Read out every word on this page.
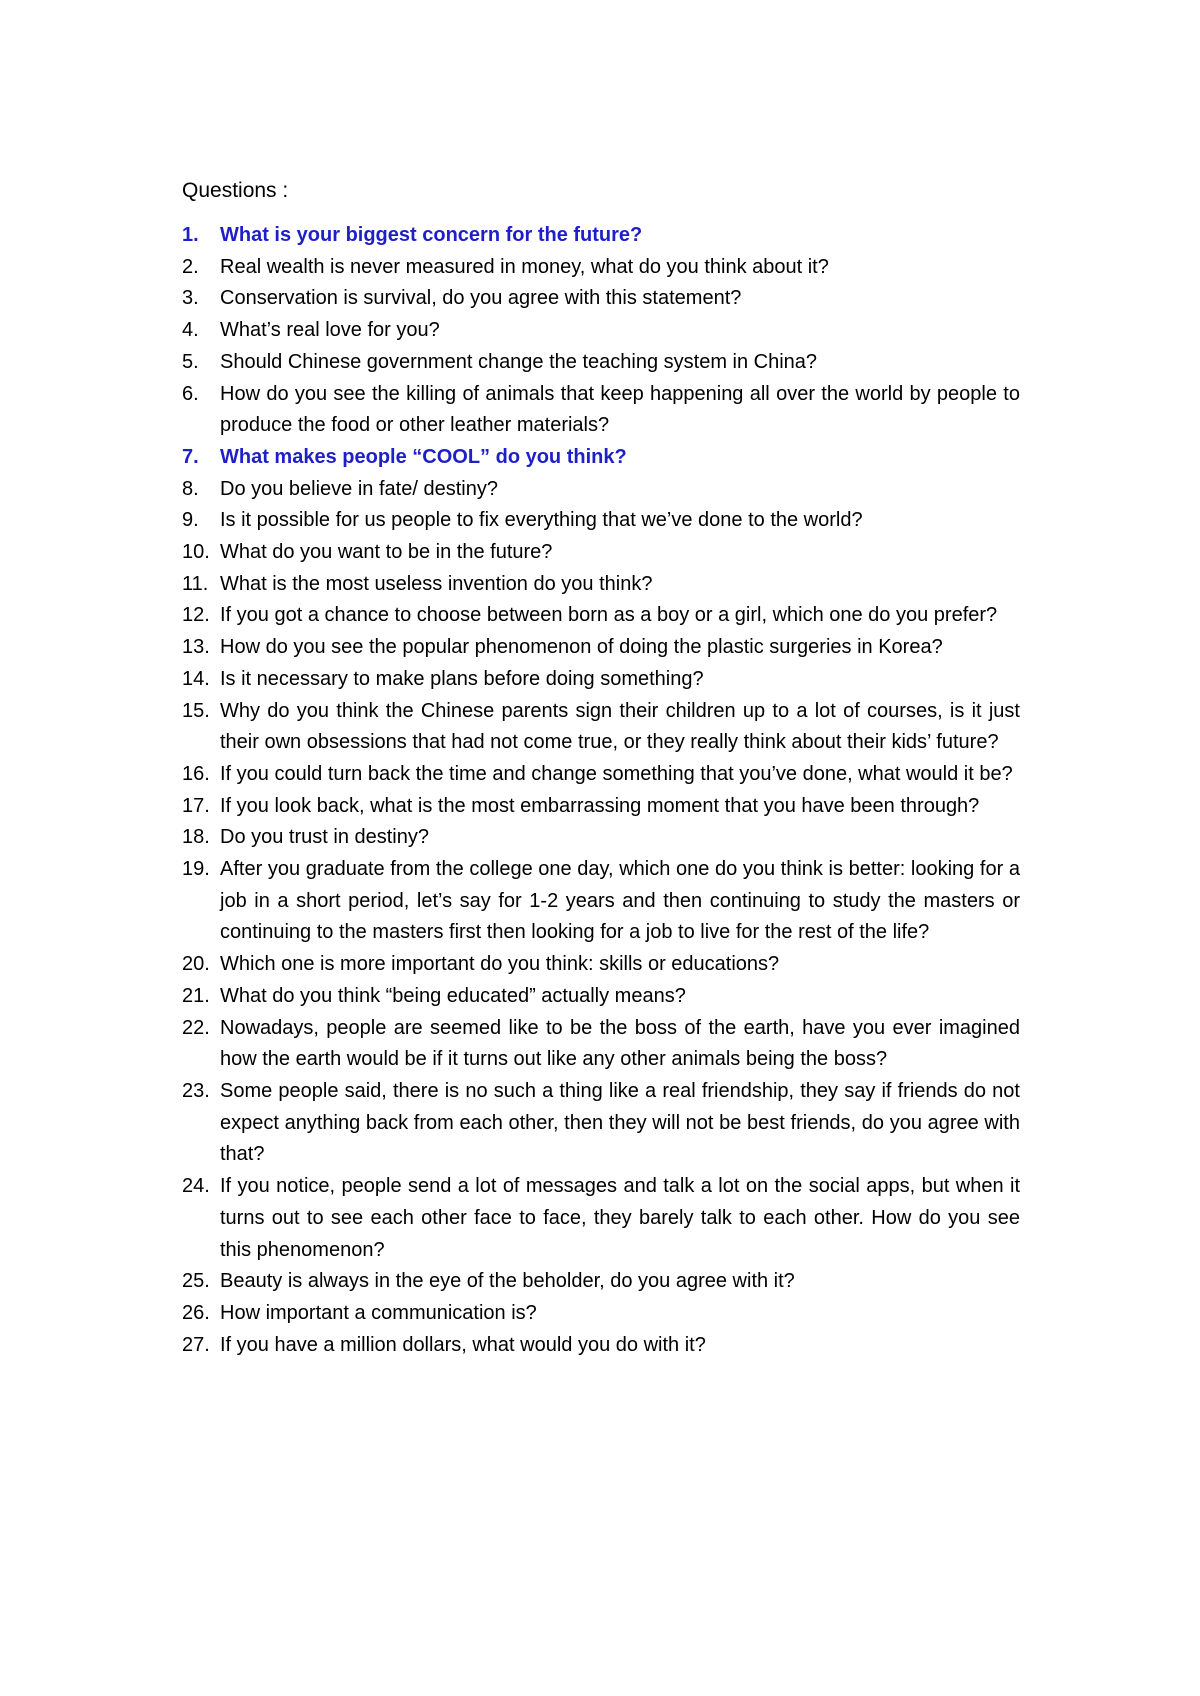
Questions :
1. What is your biggest concern for the future?
2. Real wealth is never measured in money, what do you think about it?
3. Conservation is survival, do you agree with this statement?
4. What’s real love for you?
5. Should Chinese government change the teaching system in China?
6. How do you see the killing of animals that keep happening all over the world by people to produce the food or other leather materials?
7. What makes people “COOL” do you think?
8. Do you believe in fate/ destiny?
9. Is it possible for us people to fix everything that we’ve done to the world?
10. What do you want to be in the future?
11. What is the most useless invention do you think?
12. If you got a chance to choose between born as a boy or a girl, which one do you prefer?
13. How do you see the popular phenomenon of doing the plastic surgeries in Korea?
14. Is it necessary to make plans before doing something?
15. Why do you think the Chinese parents sign their children up to a lot of courses, is it just their own obsessions that had not come true, or they really think about their kids’ future?
16. If you could turn back the time and change something that you’ve done, what would it be?
17. If you look back, what is the most embarrassing moment that you have been through?
18. Do you trust in destiny?
19. After you graduate from the college one day, which one do you think is better: looking for a job in a short period, let’s say for 1-2 years and then continuing to study the masters or continuing to the masters first then looking for a job to live for the rest of the life?
20. Which one is more important do you think: skills or educations?
21. What do you think “being educated” actually means?
22. Nowadays, people are seemed like to be the boss of the earth, have you ever imagined how the earth would be if it turns out like any other animals being the boss?
23. Some people said, there is no such a thing like a real friendship, they say if friends do not expect anything back from each other, then they will not be best friends, do you agree with that?
24. If you notice, people send a lot of messages and talk a lot on the social apps, but when it turns out to see each other face to face, they barely talk to each other. How do you see this phenomenon?
25. Beauty is always in the eye of the beholder, do you agree with it?
26. How important a communication is?
27. If you have a million dollars, what would you do with it?
